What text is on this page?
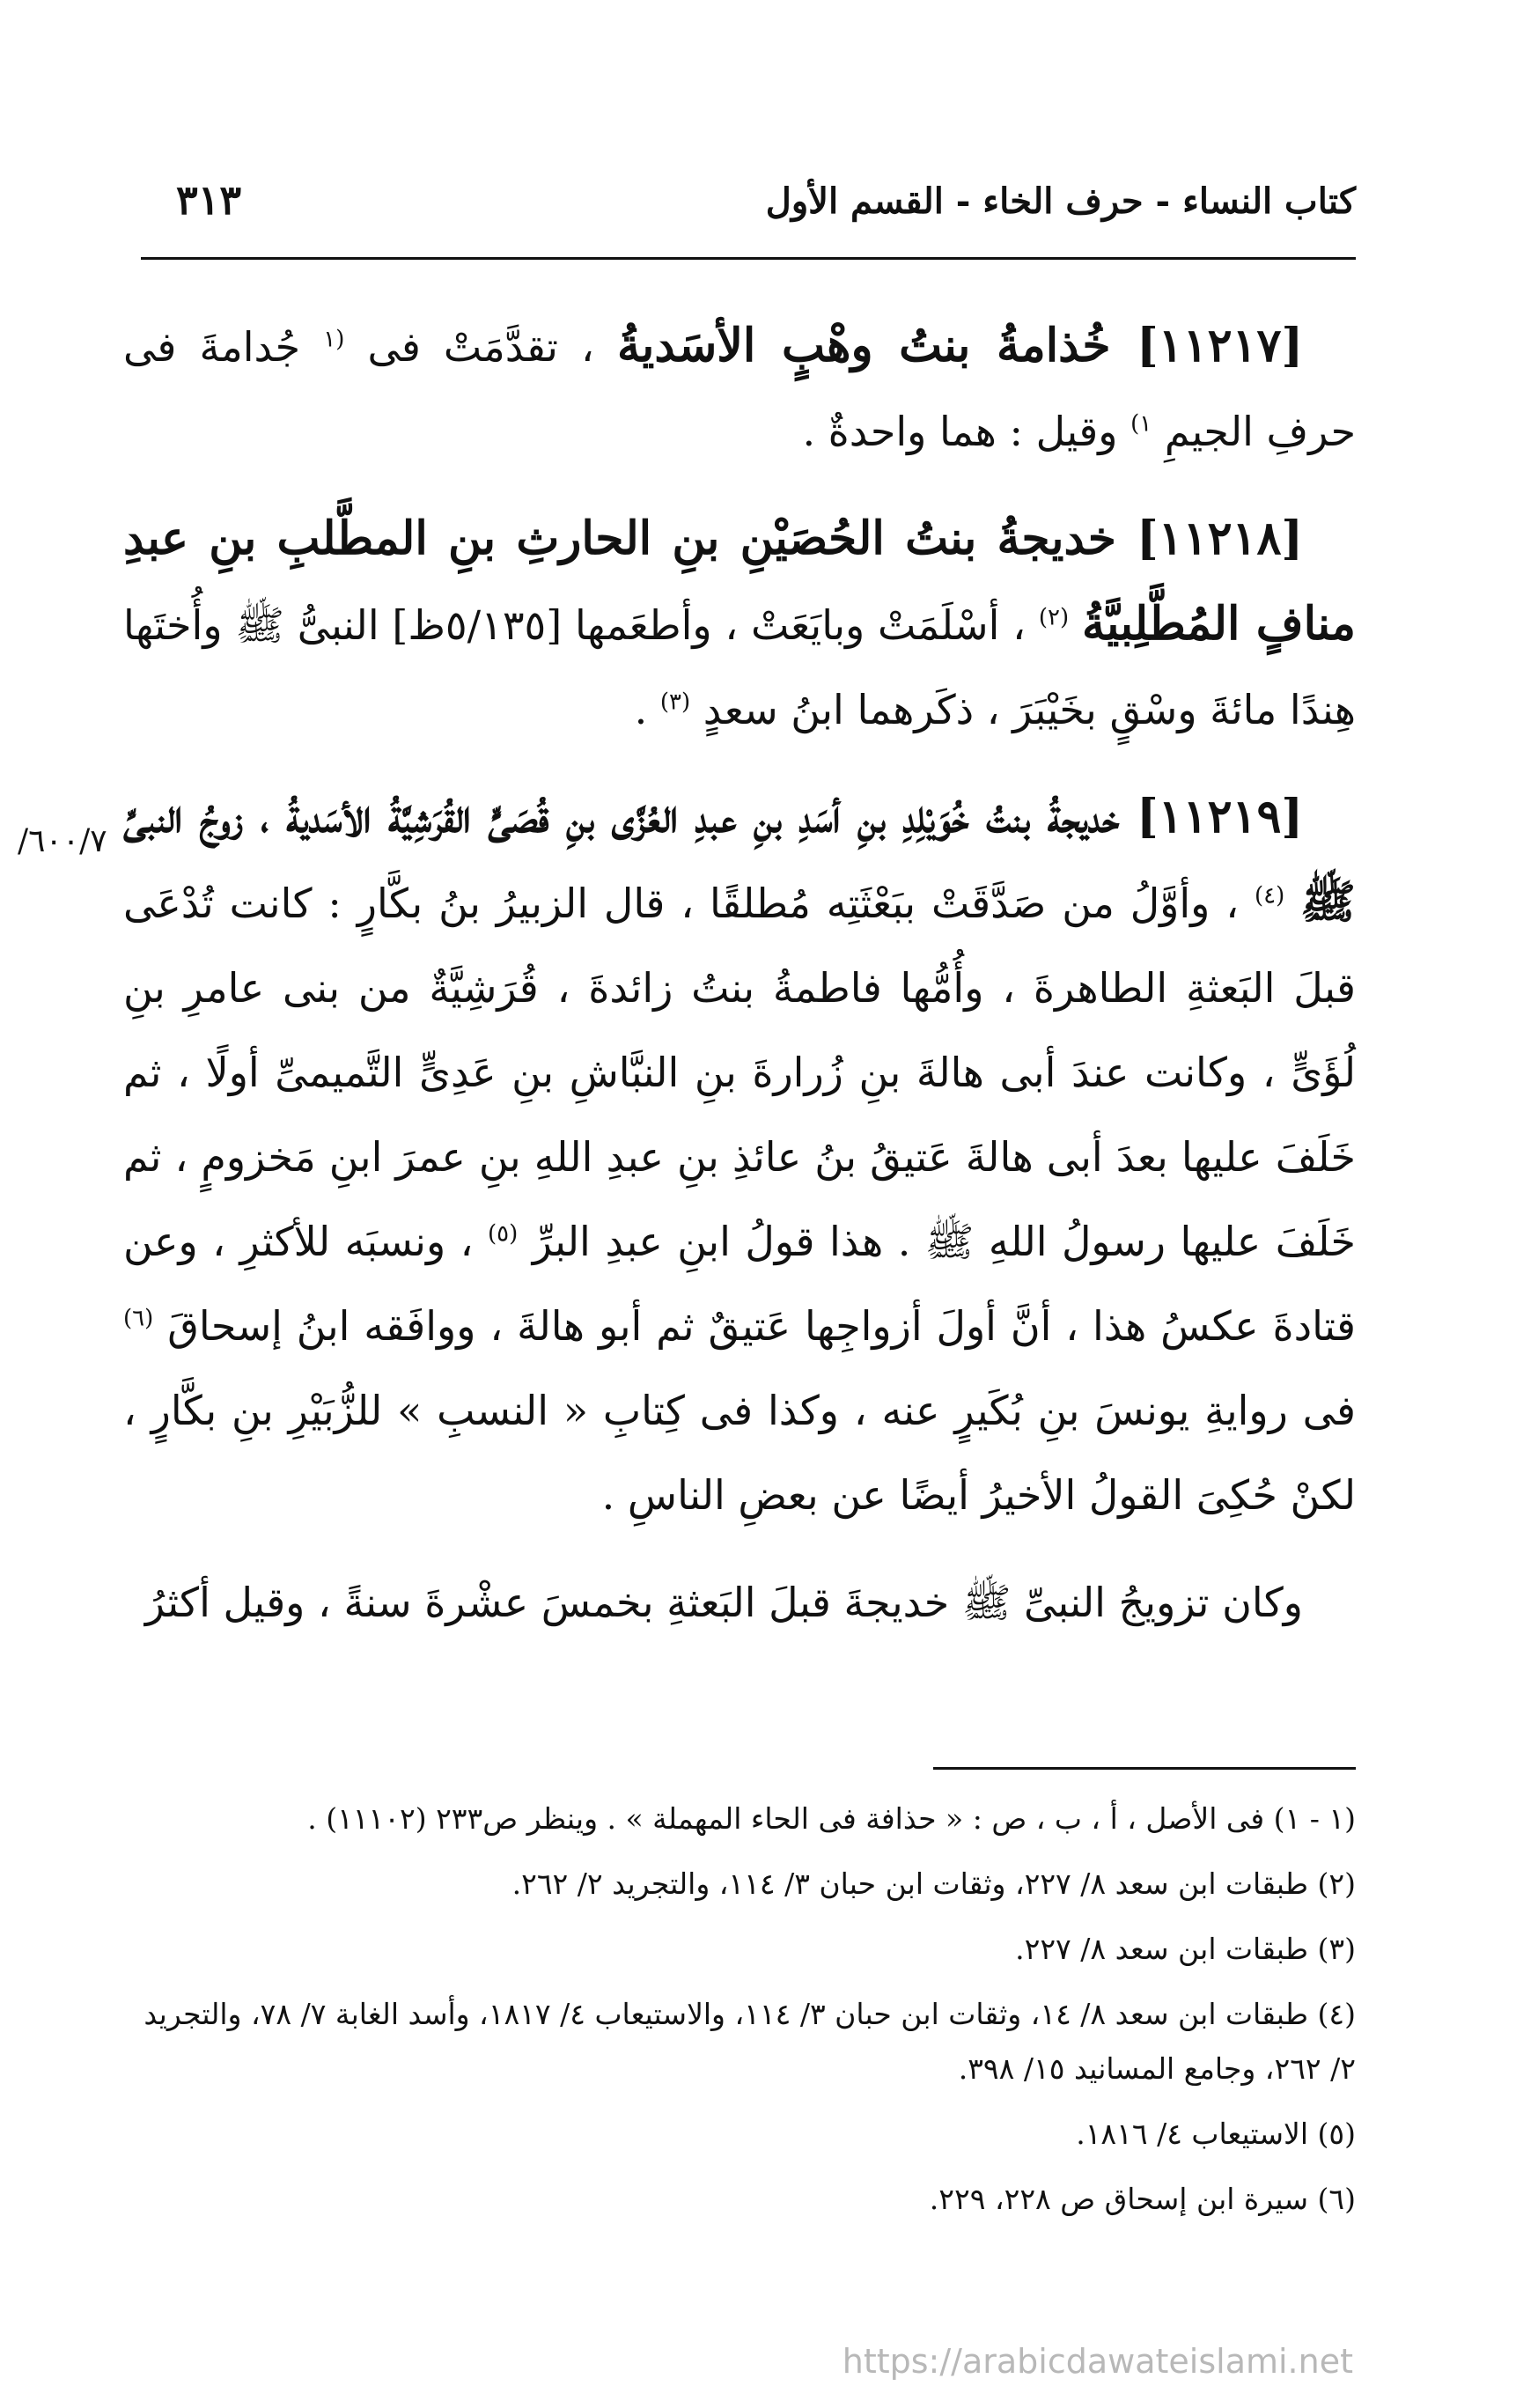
كتاب النساء - حرف الخاء - القسم الأول
٣١٣
٦٠٠/٧/

[١١٢١٧] خُذامةُ بنتُ وهْبٍ الأسَديةُ ، تقدَّمَتْ فى $^{(١}$ جُدامةَ فى حرفِ الجيمِ $^{١)}$ وقيل : هما واحدةٌ .

[١١٢١٨] خديجةُ بنتُ الحُصَيْنِ بنِ الحارثِ بنِ المطَّلبِ بنِ عبدِ منافٍ المُطَّلِبيَّةُ $^{(٢)}$ ، أسْلَمَتْ وبايَعَتْ ، وأطعَمها [٥/١٣٥ظ] النبىُّ ﷺ وأُختَها هِندًا مائةَ وسْقٍ بخَيْبَرَ ، ذكَرهما ابنُ سعدٍ $^{(٣)}$ .

[١١٢١٩] خديجةُ بنتُ خُوَيْلِدِ بنِ أسَدِ بنِ عبدِ العُزَّى بنِ قُصَىٍّ القُرَشِيَّةُ الأسَديةُ ، زوجُ النبىِّ ﷺ $^{(٤)}$ ، وأوَّلُ من صَدَّقَتْ ببَعْثَتِه مُطلقًا ، قال الزبيرُ بنُ بكَّارٍ : كانت تُدْعَى قبلَ البَعثةِ الطاهرةَ ، وأُمُّها فاطمةُ بنتُ زائدةَ ، قُرَشِيَّةٌ من بنى عامرِ بنِ لُؤَىٍّ ، وكانت عندَ أبى هالةَ بنِ زُرارةَ بنِ النبَّاشِ بنِ عَدِىٍّ التَّميمىِّ أولًا ، ثم خَلَفَ عليها بعدَ أبى هالةَ عَتيقُ بنُ عائذِ بنِ عبدِ اللهِ بنِ عمرَ ابنِ مَخزومٍ ، ثم خَلَفَ عليها رسولُ اللهِ ﷺ . هذا قولُ ابنِ عبدِ البرِّ $^{(٥)}$ ، ونسبَه للأكثرِ ، وعن قتادةَ عكسُ هذا ، أنَّ أولَ أزواجِها عَتيقٌ ثم أبو هالةَ ، ووافَقه ابنُ إسحاقَ $^{(٦)}$ فى روايةِ يونسَ بنِ بُكَيرٍ عنه ، وكذا فى كِتابِ « النسبِ » للزُّبَيْرِ بنِ بكَّارٍ ، لكنْ حُكِىَ القولُ الأخيرُ أيضًا عن بعضِ الناسِ .

وكان تزويجُ النبىِّ ﷺ خديجةَ قبلَ البَعثةِ بخمسَ عشْرةَ سنةً ، وقيل أكثرُ

(١ - ١) فى الأصل ، أ ، ب ، ص : « حذافة فى الحاء المهملة » . وينظر ص٢٣٣ (١١١٠٢) .
(٢) طبقات ابن سعد ٨/ ٢٢٧، وثقات ابن حبان ٣/ ١١٤، والتجريد ٢/ ٢٦٢.
(٣) طبقات ابن سعد ٨/ ٢٢٧.
(٤) طبقات ابن سعد ٨/ ١٤، وثقات ابن حبان ٣/ ١١٤، والاستيعاب ٤/ ١٨١٧، وأسد الغابة ٧/ ٧٨، والتجريد ٢/ ٢٦٢، وجامع المسانيد ١٥/ ٣٩٨.
(٥) الاستيعاب ٤/ ١٨١٦.
(٦) سيرة ابن إسحاق ص ٢٢٨، ٢٢٩.
https://arabicdawateislami.net
